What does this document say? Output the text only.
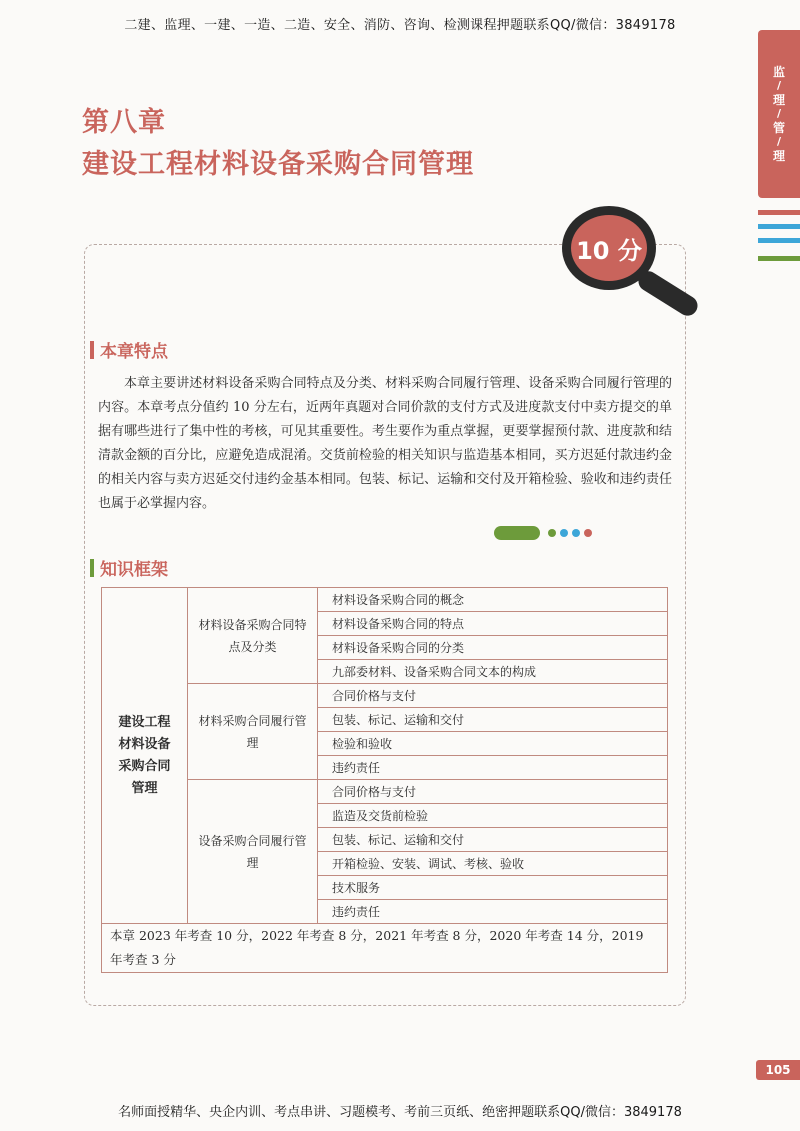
二建、监理、一建、一造、二造、安全、消防、咨询、检测课程押题联系QQ/微信：3849178
监
/
理
/
管
/
理
第八章
建设工程材料设备采购合同管理
10 分
本章特点
本章主要讲述材料设备采购合同特点及分类、材料采购合同履行管理、设备采购合同履行管理的内容。本章考点分值约 10 分左右，近两年真题对合同价款的支付方式及进度款支付中卖方提交的单据有哪些进行了集中性的考核，可见其重要性。考生要作为重点掌握，更要掌握预付款、进度款和结清款金额的百分比，应避免造成混淆。交货前检验的相关知识与监造基本相同，买方迟延付款违约金的相关内容与卖方迟延交付违约金基本相同。包装、标记、运输和交付及开箱检验、验收和违约责任也属于必掌握内容。
知识框架
建设工程材料设备采购合同管理	材料设备采购合同特点及分类	材料设备采购合同的概念
		材料设备采购合同的特点
		材料设备采购合同的分类
		九部委材料、设备采购合同文本的构成
	材料采购合同履行管理	合同价格与支付
		包装、标记、运输和交付
		检验和验收
		违约责任
	设备采购合同履行管理	合同价格与支付
		监造及交货前检验
		包装、标记、运输和交付
		开箱检验、安装、调试、考核、验收
		技术服务
		违约责任
本章 2023 年考查 10 分，2022 年考查 8 分，2021 年考查 8 分，2020 年考查 14 分，2019 年考查 3 分		
105
名师面授精华、央企内训、考点串讲、习题模考、考前三页纸、绝密押题联系QQ/微信：3849178
